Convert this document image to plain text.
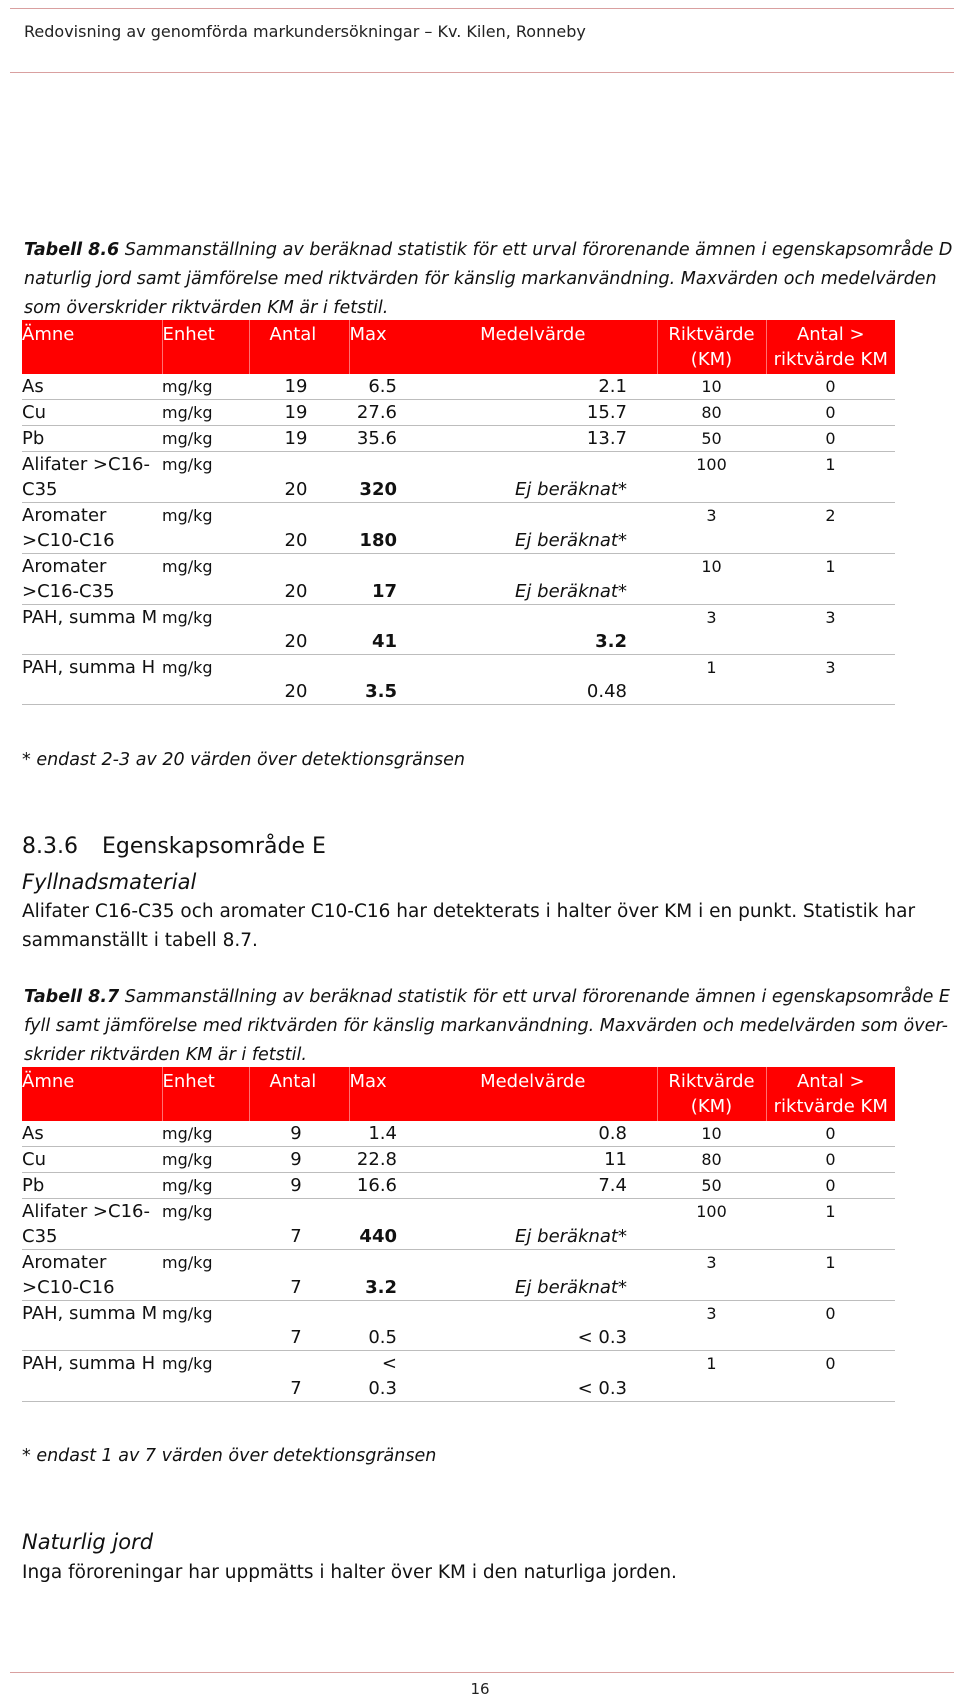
Redovisning av genomförda markundersökningar – Kv. Kilen, Ronneby
Tabell 8.6 Sammanställning av beräknad statistik för ett urval förorenande ämnen i egenskapsområde D naturlig jord samt jämförelse med riktvärden för känslig markanvändning. Maxvärden och medelvärden som överskrider riktvärden KM är i fetstil.
Ämne	Enhet	Antal	Max	Medelvärde	Riktvärde (KM)	Antal > riktvärde KM
As	mg/kg	19	6.5	2.1	10	0
Cu	mg/kg	19	27.6	15.7	80	0
Pb	mg/kg	19	35.6	13.7	50	0
Alifater >C16-C35	mg/kg	20	320	Ej beräknat*	100	1
Aromater >C10-C16	mg/kg	20	180	Ej beräknat*	3	2
Aromater >C16-C35	mg/kg	20	17	Ej beräknat*	10	1
PAH, summa M	mg/kg	20	41	3.2	3	3
PAH, summa H	mg/kg	20	3.5	0.48	1	3
* endast 2-3 av 20 värden över detektionsgränsen
8.3.6 Egenskapsområde E
Fyllnadsmaterial
Alifater C16-C35 och aromater C10-C16 har detekterats i halter över KM i en punkt. Statistik har sammanställt i tabell 8.7.
Tabell 8.7 Sammanställning av beräknad statistik för ett urval förorenande ämnen i egenskapsområde E fyll samt jämförelse med riktvärden för känslig markanvändning. Maxvärden och medelvärden som över-skrider riktvärden KM är i fetstil.
Ämne	Enhet	Antal	Max	Medelvärde	Riktvärde (KM)	Antal > riktvärde KM
As	mg/kg	9	1.4	0.8	10	0
Cu	mg/kg	9	22.8	11	80	0
Pb	mg/kg	9	16.6	7.4	50	0
Alifater >C16-C35	mg/kg	7	440	Ej beräknat*	100	1
Aromater >C10-C16	mg/kg	7	3.2	Ej beräknat*	3	1
PAH, summa M	mg/kg	7	0.5	< 0.3	3	0
PAH, summa H	mg/kg	7	< 0.3	< 0.3	1	0
* endast 1 av 7 värden över detektionsgränsen
Naturlig jord
Inga föroreningar har uppmätts i halter över KM i den naturliga jorden.
16
